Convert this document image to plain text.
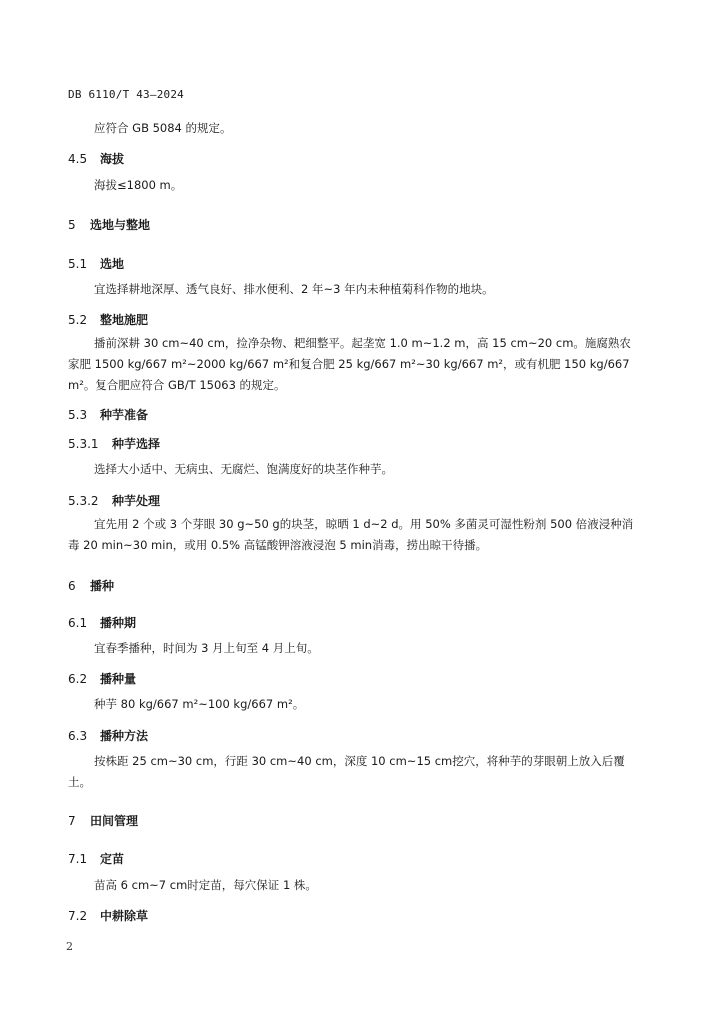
DB 6110/T 43—2024
应符合 GB 5084 的规定。
4.5 海拔
海拔≤1800 m。
5 选地与整地
5.1 选地
宜选择耕地深厚、透气良好、排水便利、2 年~3 年内未种植菊科作物的地块。
5.2 整地施肥
播前深耕 30 cm~40 cm，捡净杂物、耙细整平。起垄宽 1.0 m~1.2 m，高 15 cm~20 cm。施腐熟农家肥 1500 kg/667 m²~2000 kg/667 m²和复合肥 25 kg/667 m²~30 kg/667 m²，或有机肥 150 kg/667 m²。复合肥应符合 GB/T 15063 的规定。
5.3 种芋准备
5.3.1 种芋选择
选择大小适中、无病虫、无腐烂、饱满度好的块茎作种芋。
5.3.2 种芋处理
宜先用 2 个或 3 个芽眼 30 g~50 g的块茎，晾晒 1 d~2 d。用 50% 多菌灵可湿性粉剂 500 倍液浸种消毒 20 min~30 min，或用 0.5% 高锰酸钾溶液浸泡 5 min消毒，捞出晾干待播。
6 播种
6.1 播种期
宜春季播种，时间为 3 月上旬至 4 月上旬。
6.2 播种量
种芋 80 kg/667 m²~100 kg/667 m²。
6.3 播种方法
按株距 25 cm~30 cm，行距 30 cm~40 cm，深度 10 cm~15 cm挖穴，将种芋的芽眼朝上放入后覆土。
7 田间管理
7.1 定苗
苗高 6 cm~7 cm时定苗，每穴保证 1 株。
7.2 中耕除草
2
